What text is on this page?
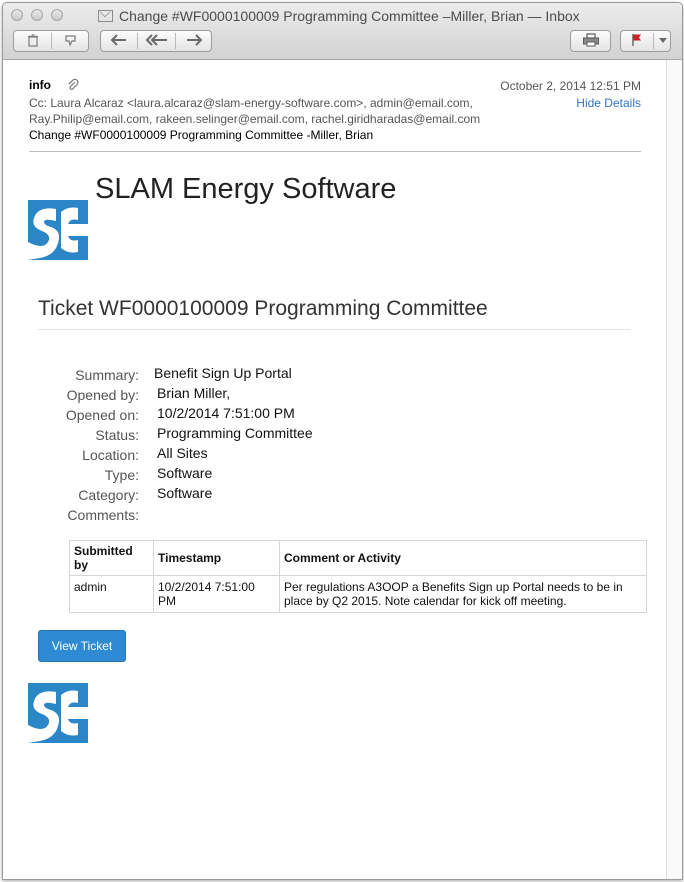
Change #WF0000100009 Programming Committee –Miller, Brian — Inbox
info	October 2, 2014 12:51 PM
Hide Details
Cc: Laura Alcaraz <laura.alcaraz@slam-energy-software.com>, admin@email.com,
Ray.Philip@email.com, rakeen.selinger@email.com, rachel.giridharadas@email.com
Change #WF0000100009 Programming Committee -Miller, Brian
SLAM Energy Software
Ticket WF0000100009 Programming Committee
Summary: Benefit Sign Up Portal
Opened by: Brian Miller,
Opened on: 10/2/2014 7:51:00 PM
Status: Programming Committee
Location: All Sites
Type: Software
Category: Software
Comments:
Submitted by	Timestamp	Comment or Activity
admin	10/2/2014 7:51:00 PM	Per regulations A3OOP a Benefits Sign up Portal needs to be in
place by Q2 2015. Note calendar for kick off meeting.
View Ticket
